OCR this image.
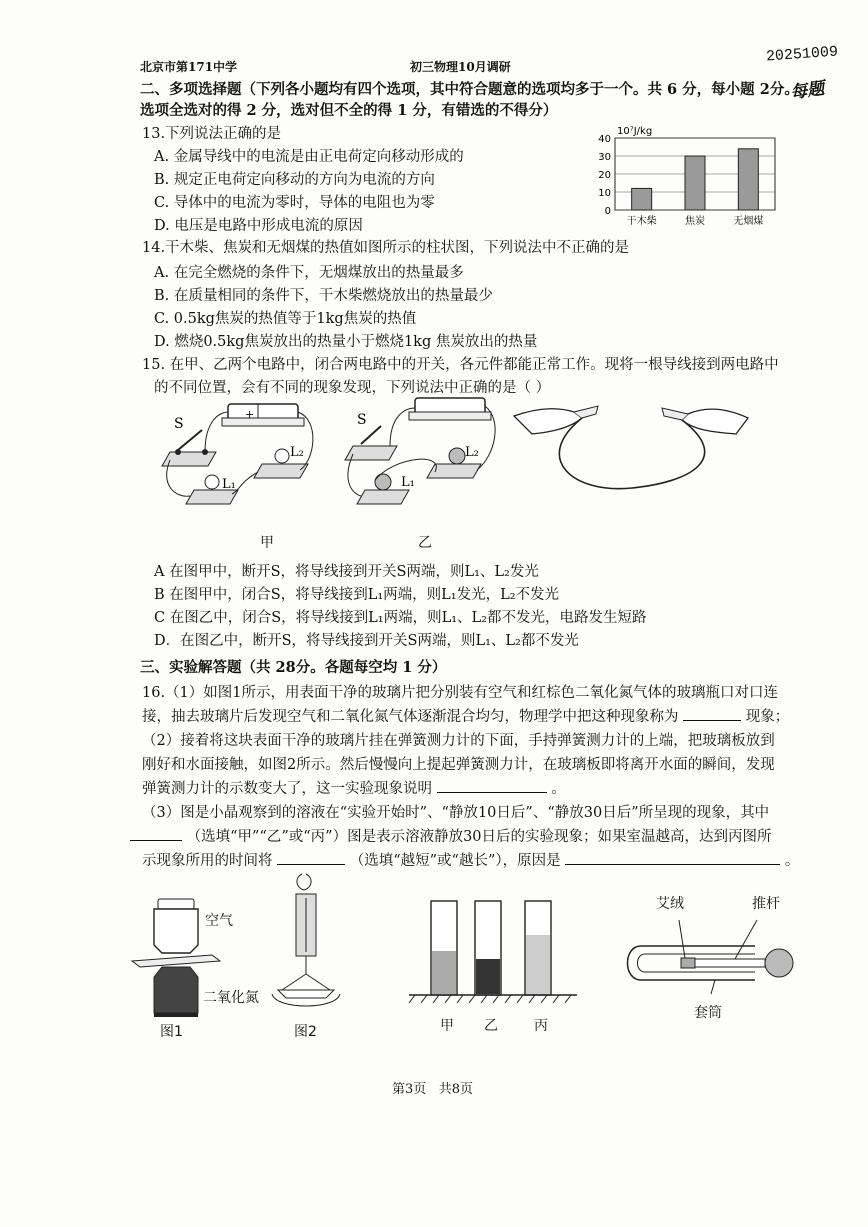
北京市第171中学	初三物理10月调研
20251009
每题
二、多项选择题（下列各小题均有四个选项，其中符合题意的选项均多于一个。共 6 分，每小题 2分。
选项全选对的得 2 分，选对但不全的得 1 分，有错选的不得分）
13.下列说法正确的是
A. 金属导线中的电流是由正电荷定向移动形成的
B. 规定正电荷定向移动的方向为电流的方向
C. 导体中的电流为零时，导体的电阻也为零
D. 电压是电路中形成电流的原因
0
10
20
30
40
10⁷J/kg
干木柴	焦炭	无烟煤
14.干木柴、焦炭和无烟煤的热值如图所示的柱状图，下列说法中不正确的是
A. 在完全燃烧的条件下，无烟煤放出的热量最多
B. 在质量相同的条件下，干木柴燃烧放出的热量最少
C. 0.5kg焦炭的热值等于1kg焦炭的热值
D. 燃烧0.5kg焦炭放出的热量小于燃烧1kg 焦炭放出的热量
15. 在甲、乙两个电路中，闭合两电路中的开关，各元件都能正常工作。现将一根导线接到两电路中
的不同位置，会有不同的现象发现，下列说法中正确的是（ ）
+
S
L₂
L₁
甲
S
L₂
L₁
乙
A 在图甲中，断开S，将导线接到开关S两端，则L₁、L₂发光
B 在图甲中，闭合S，将导线接到L₁两端，则L₁发光，L₂不发光
C 在图乙中，闭合S，将导线接到L₁两端，则L₁、L₂都不发光，电路发生短路
D．在图乙中，断开S，将导线接到开关S两端，则L₁、L₂都不发光
三、实验解答题（共 28分。各题每空均 1 分）
16.（1）如图1所示，用表面干净的玻璃片把分别装有空气和红棕色二氧化氮气体的玻璃瓶口对口连
接，抽去玻璃片后发现空气和二氧化氮气体逐渐混合均匀，物理学中把这种现象称为	现象；
（2）接着将这块表面干净的玻璃片挂在弹簧测力计的下面，手持弹簧测力计的上端，把玻璃板放到
刚好和水面接触，如图2所示。然后慢慢向上提起弹簧测力计，在玻璃板即将离开水面的瞬间，发现
弹簧测力计的示数变大了，这一实验现象说明	。
（3）图是小晶观察到的溶液在“实验开始时”、“静放10日后”、“静放30日后”所呈现的现象，其中
（选填“甲”“乙”或“丙”）图是表示溶液静放30日后的实验现象；如果室温越高，达到丙图所
示现象所用的时间将	（选填“越短”或“越长”），原因是	。
空气
二氧化氮
图1	图2	甲 乙	丙
艾绒	推杆
套筒
第3页 共8页
